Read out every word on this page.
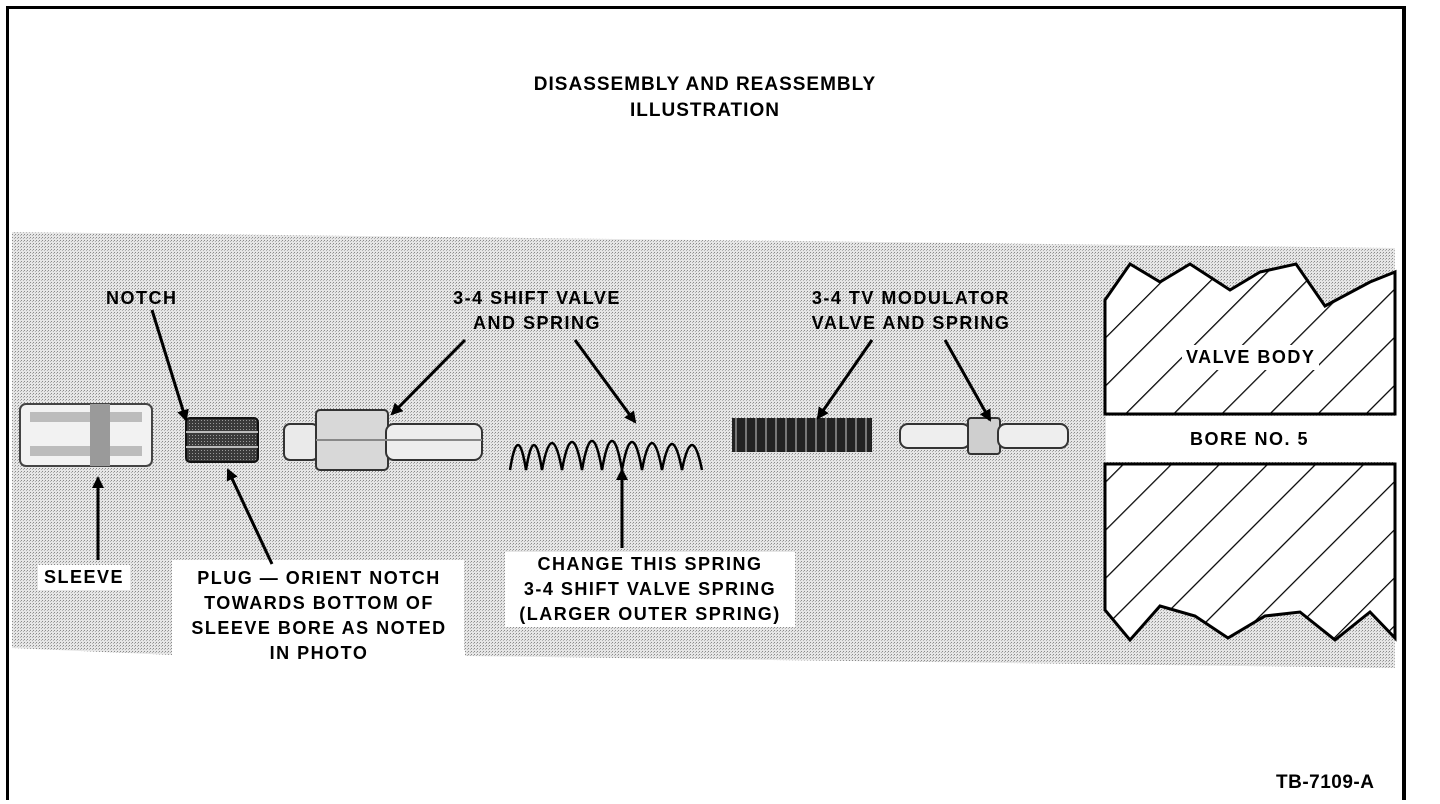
DISASSEMBLY AND REASSEMBLY
ILLUSTRATION
NOTCH	3-4 SHIFT VALVE
AND SPRING
3-4 TV MODULATOR
VALVE AND SPRING
VALVE BODY
BORE NO. 5
SLEEVE	PLUG — ORIENT NOTCH
TOWARDS BOTTOM OF
SLEEVE BORE AS NOTED
IN PHOTO
CHANGE THIS SPRING
3-4 SHIFT VALVE SPRING
(LARGER OUTER SPRING)
TB-7109-A
